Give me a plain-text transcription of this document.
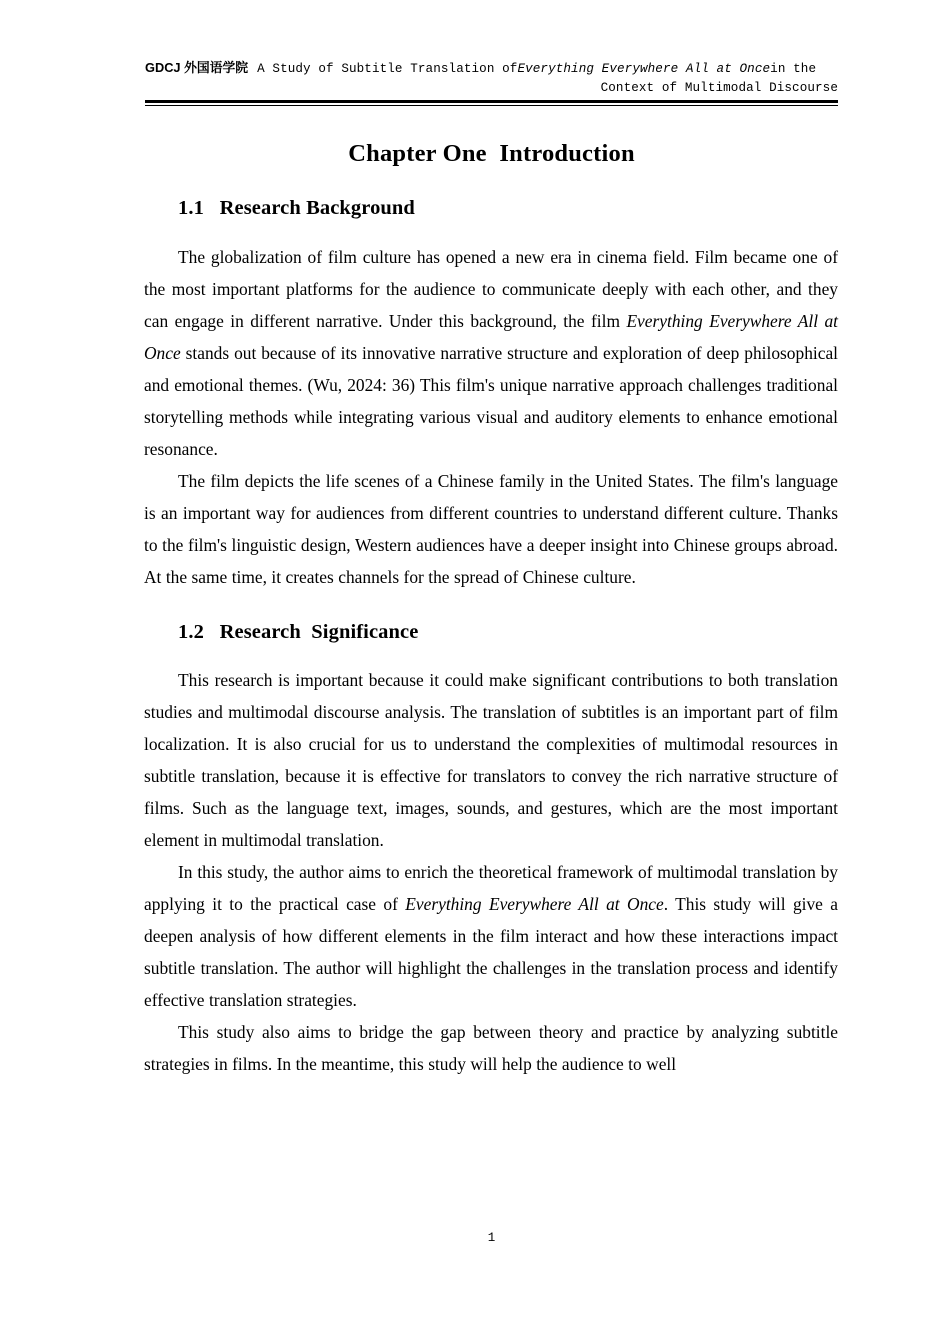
GDCJ 外国语学院 A Study of Subtitle Translation of Everything Everywhere All at Once in the
Context of Multimodal Discourse
Chapter One  Introduction
1.1   Research Background

The globalization of film culture has opened a new era in cinema field. Film became one of the most important platforms for the audience to communicate deeply with each other, and they can engage in different narrative. Under this background, the film Everything Everywhere All at Once stands out because of its innovative narrative structure and exploration of deep philosophical and emotional themes. (Wu, 2024: 36) This film's unique narrative approach challenges traditional storytelling methods while integrating various visual and auditory elements to enhance emotional resonance.

The film depicts the life scenes of a Chinese family in the United States. The film's language is an important way for audiences from different countries to understand different culture. Thanks to the film's linguistic design, Western audiences have a deeper insight into Chinese groups abroad. At the same time, it creates channels for the spread of Chinese culture.

1.2   Research  Significance

This research is important because it could make significant contributions to both translation studies and multimodal discourse analysis. The translation of subtitles is an important part of film localization. It is also crucial for us to understand the complexities of multimodal resources in subtitle translation, because it is effective for translators to convey the rich narrative structure of films. Such as the language text, images, sounds, and gestures, which are the most important element in multimodal translation.

In this study, the author aims to enrich the theoretical framework of multimodal translation by applying it to the practical case of Everything Everywhere All at Once. This study will give a deepen analysis of how different elements in the film interact and how these interactions impact subtitle translation. The author will highlight the challenges in the translation process and identify effective translation strategies.

This study also aims to bridge the gap between theory and practice by analyzing subtitle strategies in films. In the meantime, this study will help the audience to well

1
